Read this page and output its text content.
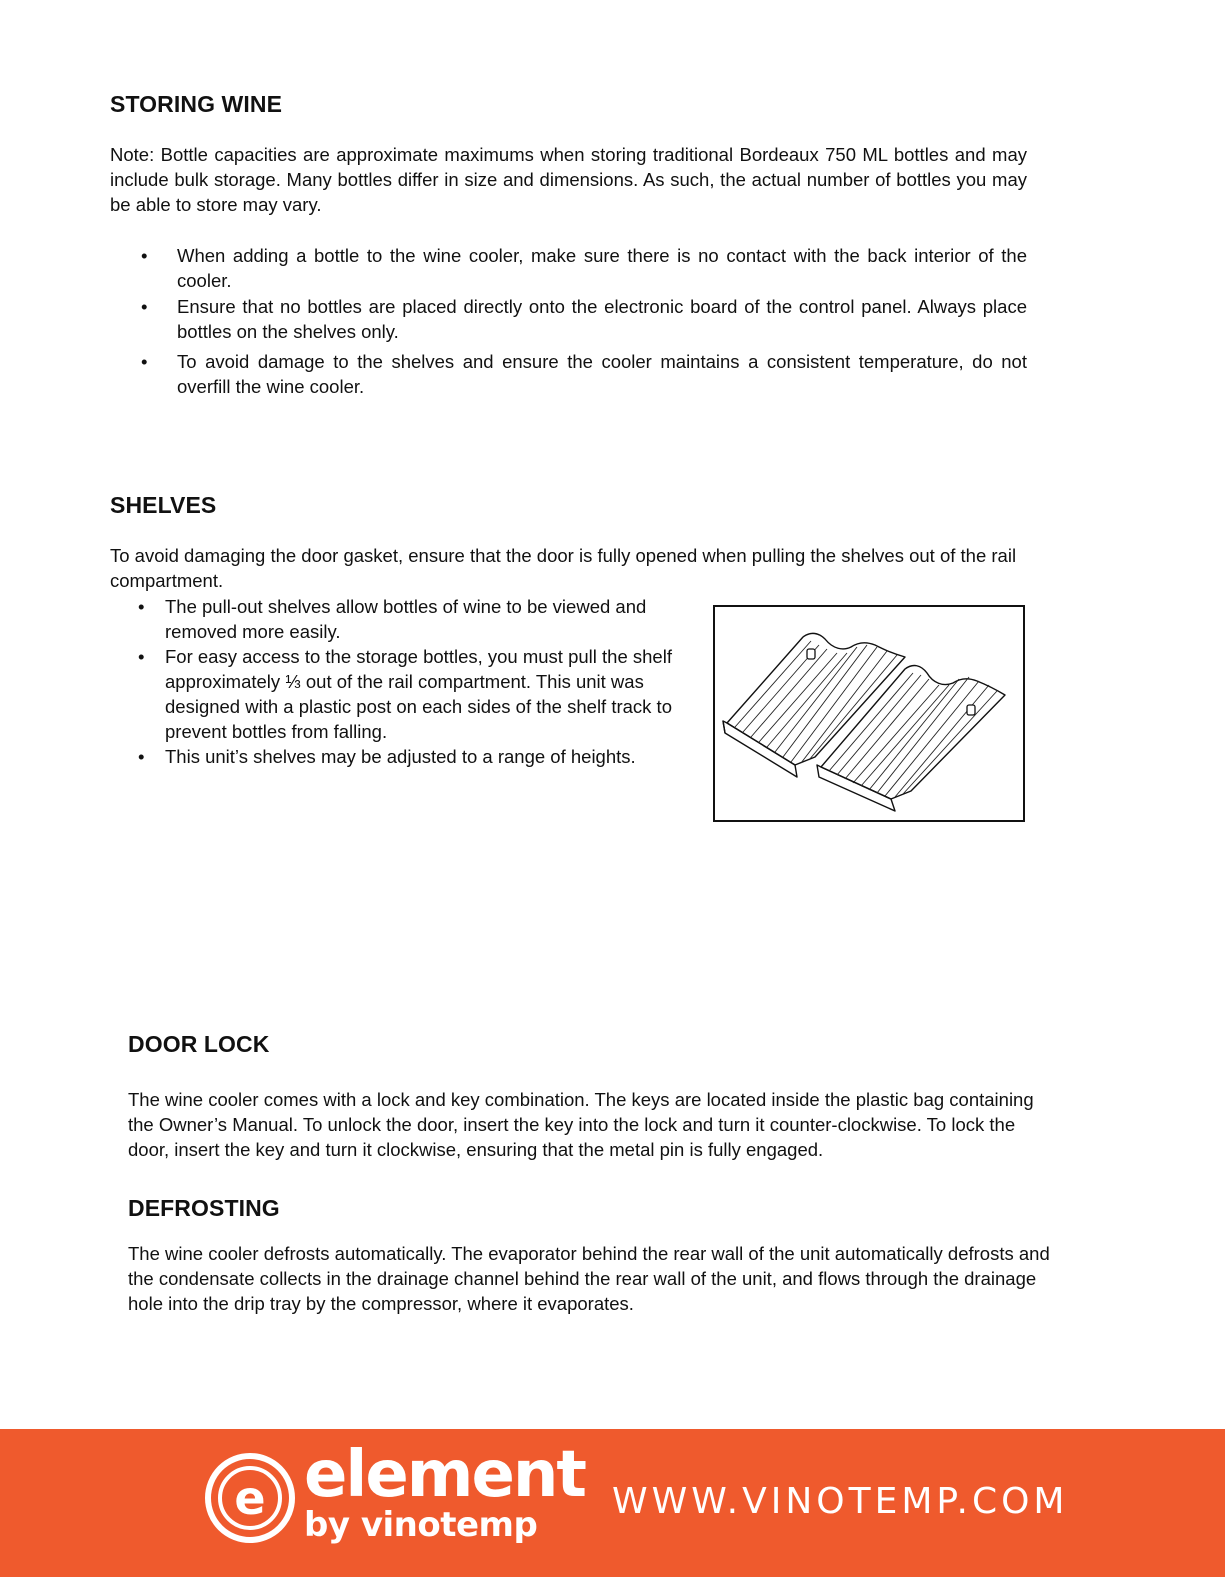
STORING WINE

Note: Bottle capacities are approximate maximums when storing traditional Bordeaux 750 ML bottles and may include bulk storage. Many bottles differ in size and dimensions. As such, the actual number of bottles you may be able to store may vary.

• When adding a bottle to the wine cooler, make sure there is no contact with the back interior of the cooler.
• Ensure that no bottles are placed directly onto the electronic board of the control panel. Always place bottles on the shelves only.
• To avoid damage to the shelves and ensure the cooler maintains a consistent temperature, do not overfill the wine cooler.
SHELVES

To avoid damaging the door gasket, ensure that the door is fully opened when pulling the shelves out of the rail compartment.

• The pull-out shelves allow bottles of wine to be viewed and removed more easily.
• For easy access to the storage bottles, you must pull the shelf approximately ⅓ out of the rail compartment. This unit was designed with a plastic post on each sides of the shelf track to prevent bottles from falling.
• This unit’s shelves may be adjusted to a range of heights.
DOOR LOCK

The wine cooler comes with a lock and key combination. The keys are located inside the plastic bag containing the Owner’s Manual. To unlock the door, insert the key into the lock and turn it counter-clockwise. To lock the door, insert the key and turn it clockwise, ensuring that the metal pin is fully engaged.

DEFROSTING

The wine cooler defrosts automatically. The evaporator behind the rear wall of the unit automatically defrosts and the condensate collects in the drainage channel behind the rear wall of the unit, and flows through the drainage hole into the drip tray by the compressor, where it evaporates.

e element
by vinotemp
WWW.VINOTEMP.COM
